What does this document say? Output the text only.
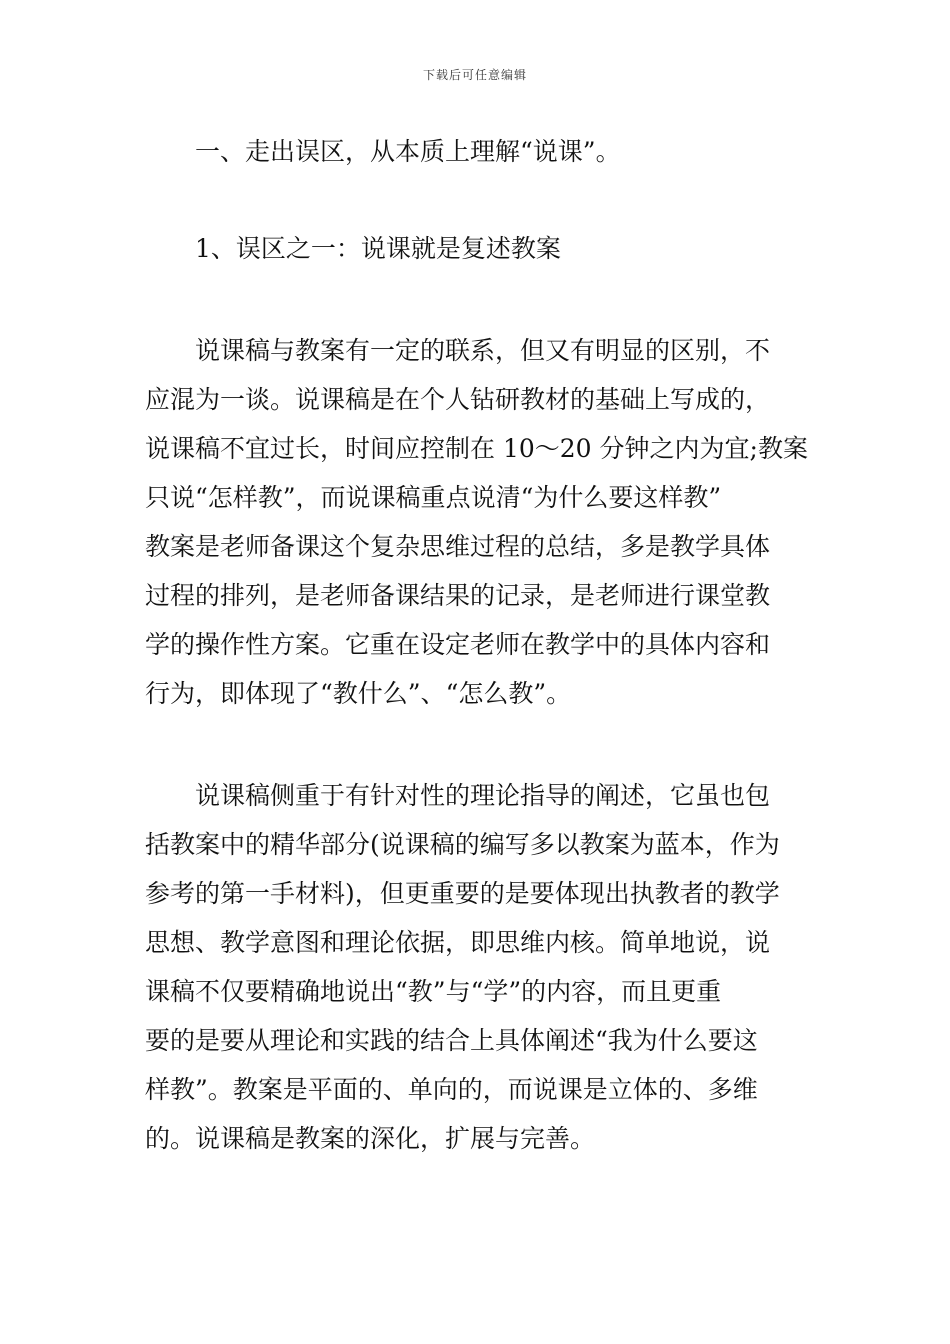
下载后可任意编辑

一、走出误区，从本质上理解“说课”。

1、误区之一：说课就是复述教案

说课稿与教案有一定的联系，但又有明显的区别，不

应混为一谈。说课稿是在个人钻研教材的基础上写成的，

说课稿不宜过长，时间应控制在 10～20 分钟之内为宜;教案

只说“怎样教”，而说课稿重点说清“为什么要这样教”

教案是老师备课这个复杂思维过程的总结，多是教学具体

过程的排列，是老师备课结果的记录，是老师进行课堂教

学的操作性方案。它重在设定老师在教学中的具体内容和

行为，即体现了“教什么”、“怎么教”。

说课稿侧重于有针对性的理论指导的阐述，它虽也包

括教案中的精华部分(说课稿的编写多以教案为蓝本，作为

参考的第一手材料)，但更重要的是要体现出执教者的教学

思想、教学意图和理论依据，即思维内核。简单地说，说

课稿不仅要精确地说出“教”与“学”的内容，而且更重

要的是要从理论和实践的结合上具体阐述“我为什么要这

样教”。教案是平面的、单向的，而说课是立体的、多维

的。说课稿是教案的深化，扩展与完善。
